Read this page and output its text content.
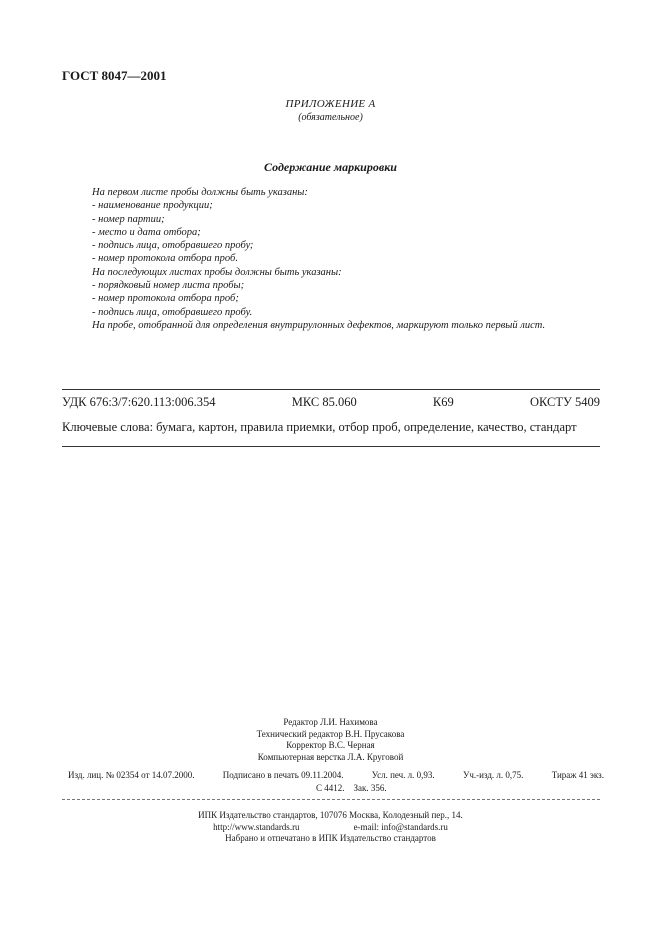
ГОСТ 8047—2001
ПРИЛОЖЕНИЕ А
(обязательное)
Содержание маркировки
На первом листе пробы должны быть указаны:
- наименование продукции;
- номер партии;
- место и дата отбора;
- подпись лица, отобравшего пробу;
- номер протокола отбора проб.
На последующих листах пробы должны быть указаны:
- порядковый номер листа пробы;
- номер протокола отбора проб;
- подпись лица, отобравшего пробу.
На пробе, отобранной для определения внутрирулонных дефектов, маркируют только первый лист.
УДК 676:3/7:620.113:006.354	МКС 85.060	К69	ОКСТУ 5409
Ключевые слова: бумага, картон, правила приемки, отбор проб, определение, качество, стандарт
Редактор Л.И. Нахимова
Технический редактор В.Н. Прусакова
Корректор В.С. Черная
Компьютерная верстка Л.А. Круговой
Изд. лиц. № 02354 от 14.07.2000.	Подписано в печать 09.11.2004.	Усл. печ. л. 0,93.	Уч.-изд. л. 0,75.	Тираж 41 экз.
С 4412. Зак. 356.
ИПК Издательство стандартов, 107076 Москва, Колодезный пер., 14.
http://www.standards.ru	e-mail: info@standards.ru
Набрано и отпечатано в ИПК Издательство стандартов
